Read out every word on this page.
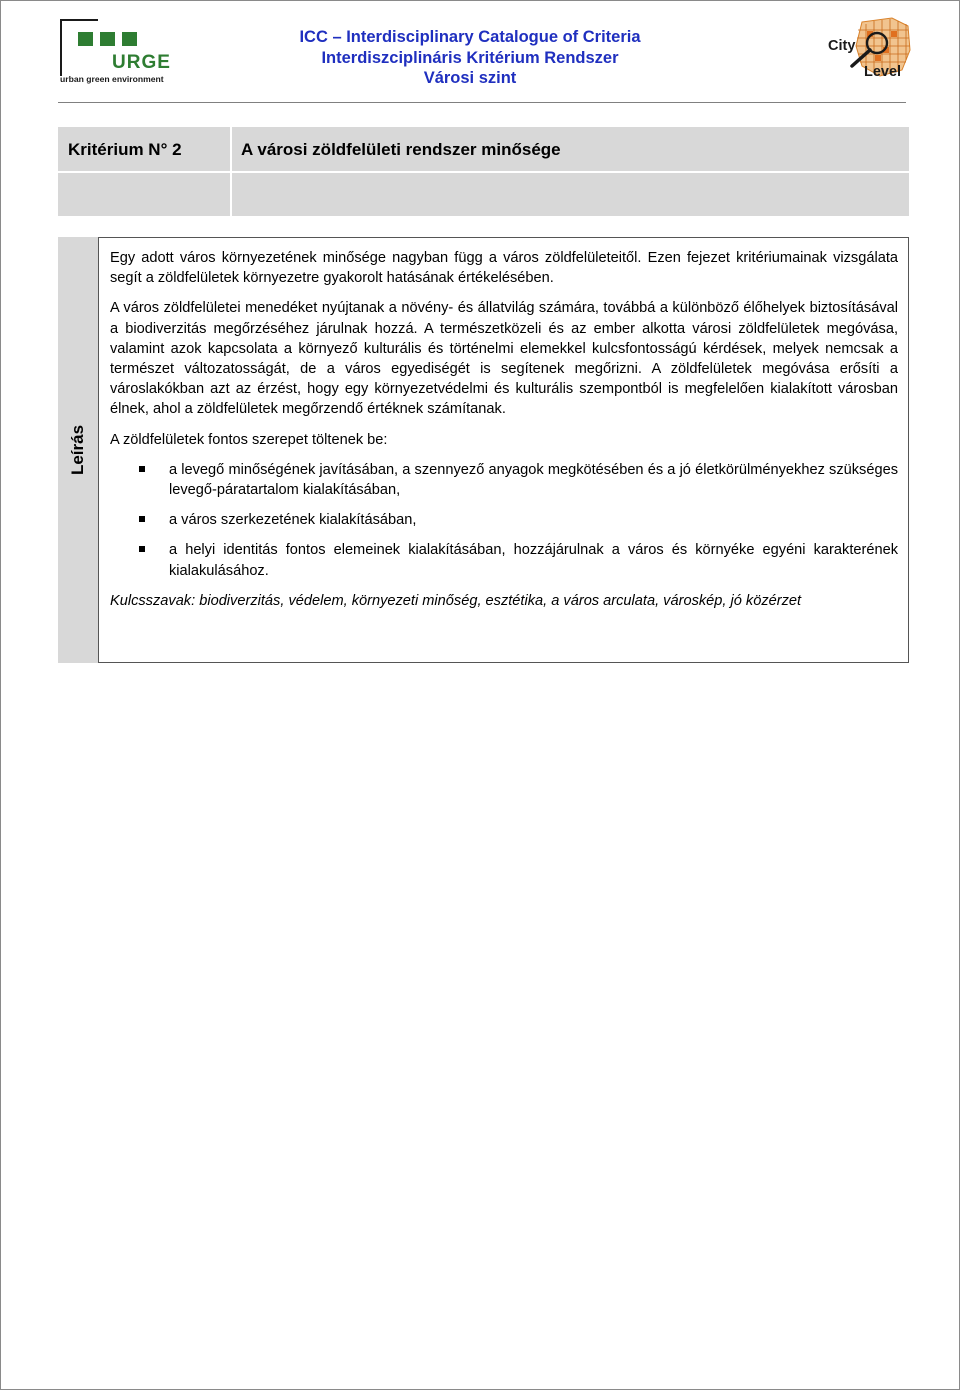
URGE
urban green environment
ICC – Interdisciplinary Catalogue of Criteria
Interdiszciplináris Kritérium Rendszer
Városi szint
City
Level
Kritérium N° 2	A városi zöldfelületi rendszer minősége
Leírás

Egy adott város környezetének minősége nagyban függ a város zöldfelületeitől. Ezen fejezet kritériumainak vizsgálata segít a zöldfelületek környezetre gyakorolt hatásának értékelésében.

A város zöldfelületei menedéket nyújtanak a növény- és állatvilág számára, továbbá a különböző élőhelyek biztosításával a biodiverzitás megőrzéséhez járulnak hozzá. A természetközeli és az ember alkotta városi zöldfelületek megóvása, valamint azok kapcsolata a környező kulturális és történelmi elemekkel kulcsfontosságú kérdések, melyek nemcsak a természet változatosságát, de a város egyediségét is segítenek megőrizni. A zöldfelületek megóvása erősíti a városlakókban azt az érzést, hogy egy környezetvédelmi és kulturális szempontból is megfelelően kialakított városban élnek, ahol a zöldfelületek megőrzendő értéknek számítanak.

A zöldfelületek fontos szerepet töltenek be:

a levegő minőségének javításában, a szennyező anyagok megkötésében és a jó életkörülményekhez szükséges levegő-páratartalom kialakításában,
a város szerkezetének kialakításában,
a helyi identitás fontos elemeinek kialakításában, hozzájárulnak a város és környéke egyéni karakterének kialakulásához.

Kulcsszavak: biodiverzitás, védelem, környezeti minőség, esztétika, a város arculata, városkép, jó közérzet
